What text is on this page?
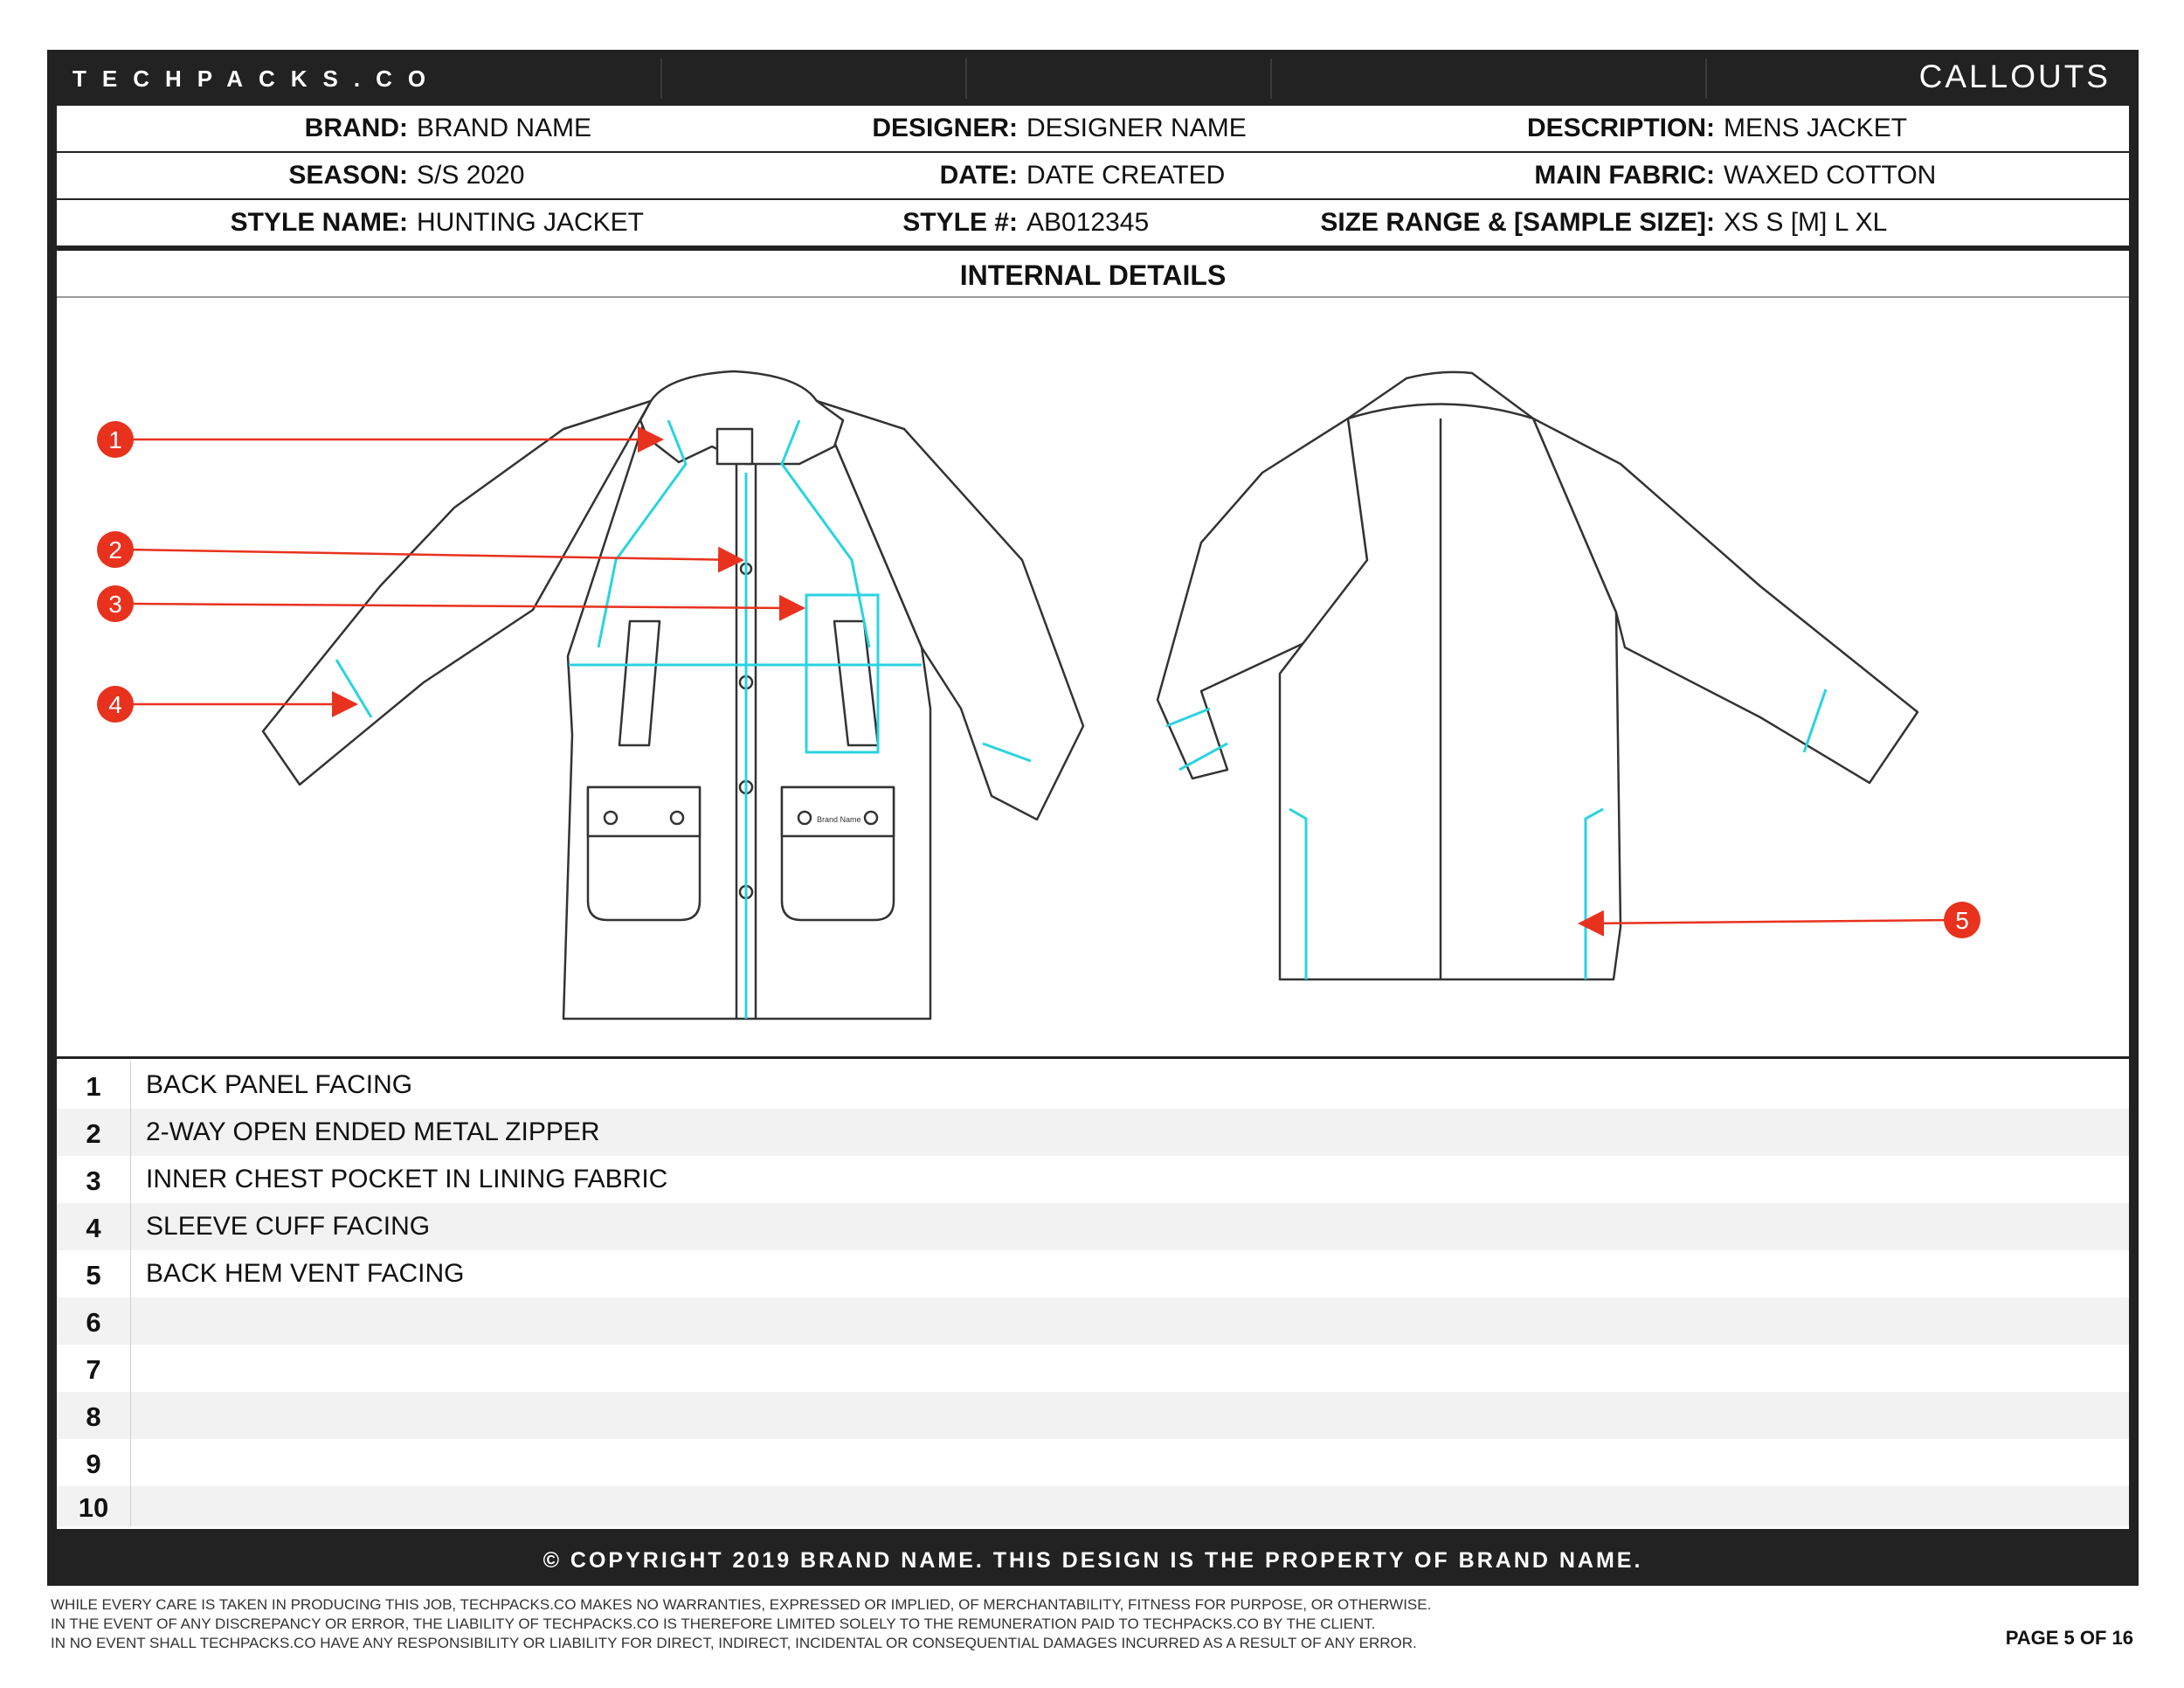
TECHPACKS.CO	CALLOUTS
BRAND: BRAND NAME	DESIGNER: DESIGNER NAME	DESCRIPTION: MENS JACKET
SEASON: S/S 2020	DATE: DATE CREATED	MAIN FABRIC: WAXED COTTON
STYLE NAME: HUNTING JACKET	STYLE #: AB012345	SIZE RANGE & [SAMPLE SIZE]: XS S [M] L XL
INTERNAL DETAILS
Brand Name
1
2
3
4
5
1	BACK PANEL FACING
2	2-WAY OPEN ENDED METAL ZIPPER
3	INNER CHEST POCKET IN LINING FABRIC
4	SLEEVE CUFF FACING
5	BACK HEM VENT FACING
6
7
8
9
10
© COPYRIGHT 2019 BRAND NAME. THIS DESIGN IS THE PROPERTY OF BRAND NAME.
WHILE EVERY CARE IS TAKEN IN PRODUCING THIS JOB, TECHPACKS.CO MAKES NO WARRANTIES, EXPRESSED OR IMPLIED, OF MERCHANTABILITY, FITNESS FOR PURPOSE, OR OTHERWISE.
IN THE EVENT OF ANY DISCREPANCY OR ERROR, THE LIABILITY OF TECHPACKS.CO IS THEREFORE LIMITED SOLELY TO THE REMUNERATION PAID TO TECHPACKS.CO BY THE CLIENT.
IN NO EVENT SHALL TECHPACKS.CO HAVE ANY RESPONSIBILITY OR LIABILITY FOR DIRECT, INDIRECT, INCIDENTAL OR CONSEQUENTIAL DAMAGES INCURRED AS A RESULT OF ANY ERROR.	PAGE 5 OF 16
